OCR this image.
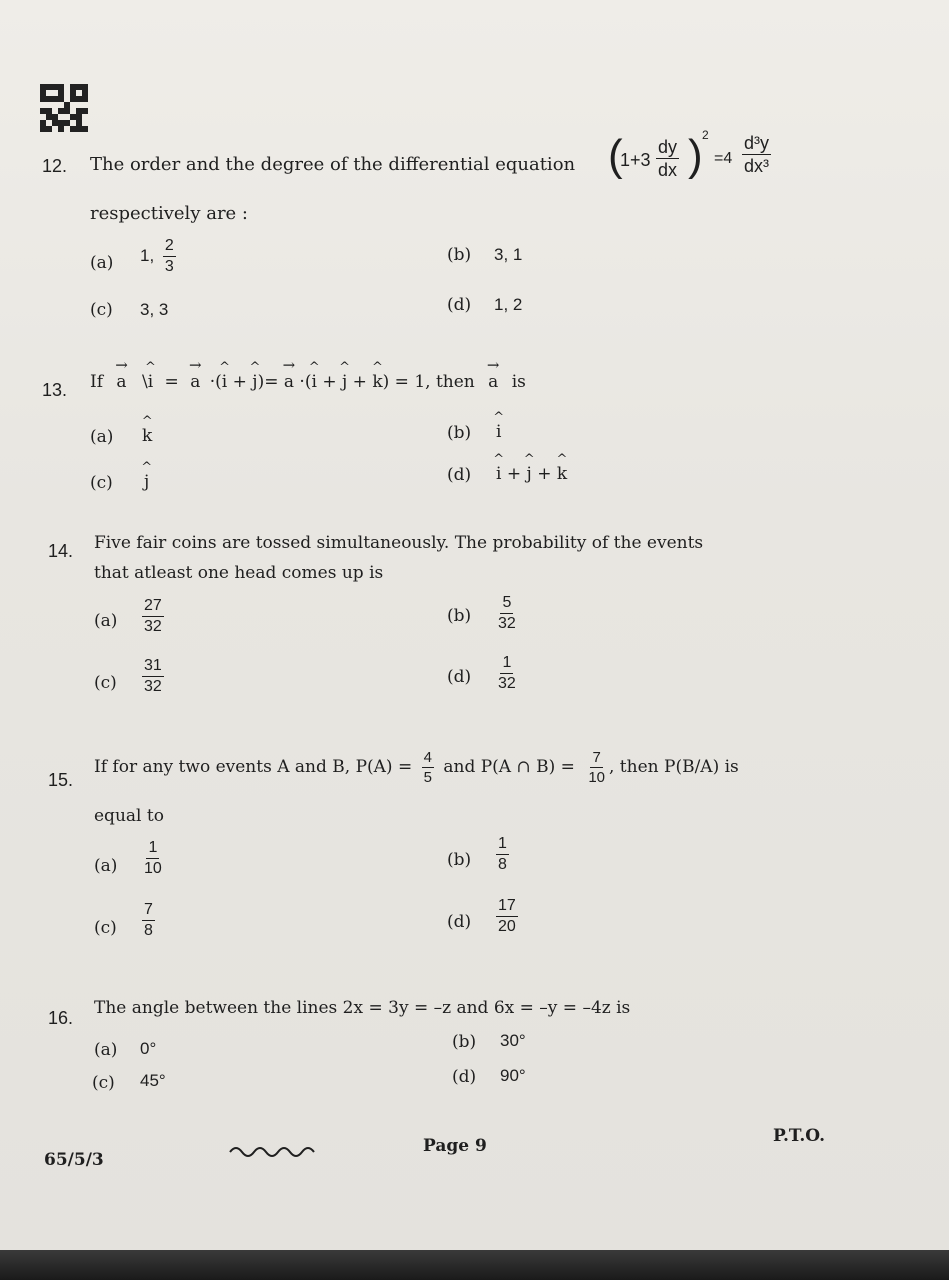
12. The order and the degree of the differential equation (
$1+3 \frac{dy}{dx}$ ) 2
$=4 \frac{\text{d³y}}{\text{dx³}}$
respectively are :
(a) 1, $\frac{2}{3}$	(b) 3, 1
(c) 3, 3	(d) 1, 2
13. If → a \^ i = → a ·(^ i + ^ j)= → a ·(^ i + ^ j + ^ k) = 1, then → a is
(a) ^ k	(b) ^ i
(c) ^ j	(d) ^ i + ^ j + ^ k
14. Five fair coins are tossed simultaneously. The probability of the events
that atleast one head comes up is
$(a) \frac{27}{32}$	$(b) \frac{5}{32}$
$(c) \frac{31}{32}$	$(d) \frac{1}{32}$
15.
If for any two events A and B, $P(A) = \frac{4}{5}$ and P(A ∩ $B) = \frac{7}{10}$ , then P(B/A) is
equal to
$(a) \frac{1}{10}$	$(b) \frac{1}{8}$
$(c) \frac{7}{8}$	$(d) \frac{17}{20}$
16. The angle between the lines 2x = 3y = –z and 6x = –y = –4z is
(a) 0°	(b) 30°
(c) 45°	(d) 90°
65/5/3
Page 9	P.T.O.
